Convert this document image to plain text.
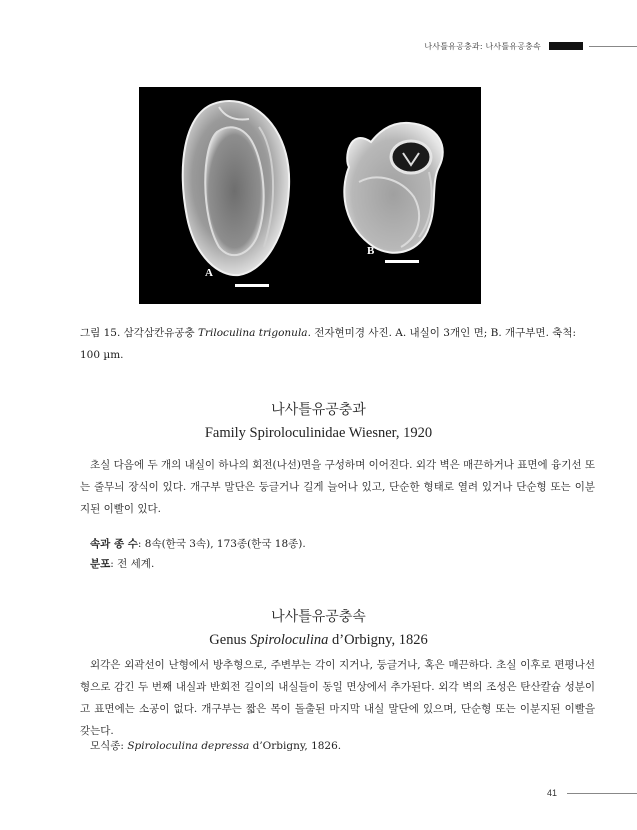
나사틀유공충과: 나사틀유공충속
A
B
그림 15. 삼각삼칸유공충 Triloculina trigonula. 전자현미경 사진. A. 내실이 3개인 면; B. 개구부면. 축척: 100 µm.
나사틀유공충과
Family Spiroloculinidae Wiesner, 1920
초실 다음에 두 개의 내실이 하나의 회전(나선)면을 구성하며 이어진다. 외각 벽은 매끈하거나 표면에 융기선 또는 줄무늬 장식이 있다. 개구부 말단은 둥글거나 길게 늘어나 있고, 단순한 형태로 열려 있거나 단순형 또는 이분지된 이빨이 있다.
속과 종 수: 8속(한국 3속), 173종(한국 18종).
분포: 전 세계.
나사틀유공충속
Genus Spiroloculina d’Orbigny, 1826
외각은 외곽선이 난형에서 방추형으로, 주변부는 각이 지거나, 둥글거나, 혹은 매끈하다. 초실 이후로 편평나선형으로 감긴 두 번째 내실과 반회전 길이의 내실들이 동일 면상에서 추가된다. 외각 벽의 조성은 탄산칼슘 성분이고 표면에는 소공이 없다. 개구부는 짧은 목이 돌출된 마지막 내실 말단에 있으며, 단순형 또는 이분지된 이빨을 갖는다.
모식종: Spiroloculina depressa d’Orbigny, 1826.
41
